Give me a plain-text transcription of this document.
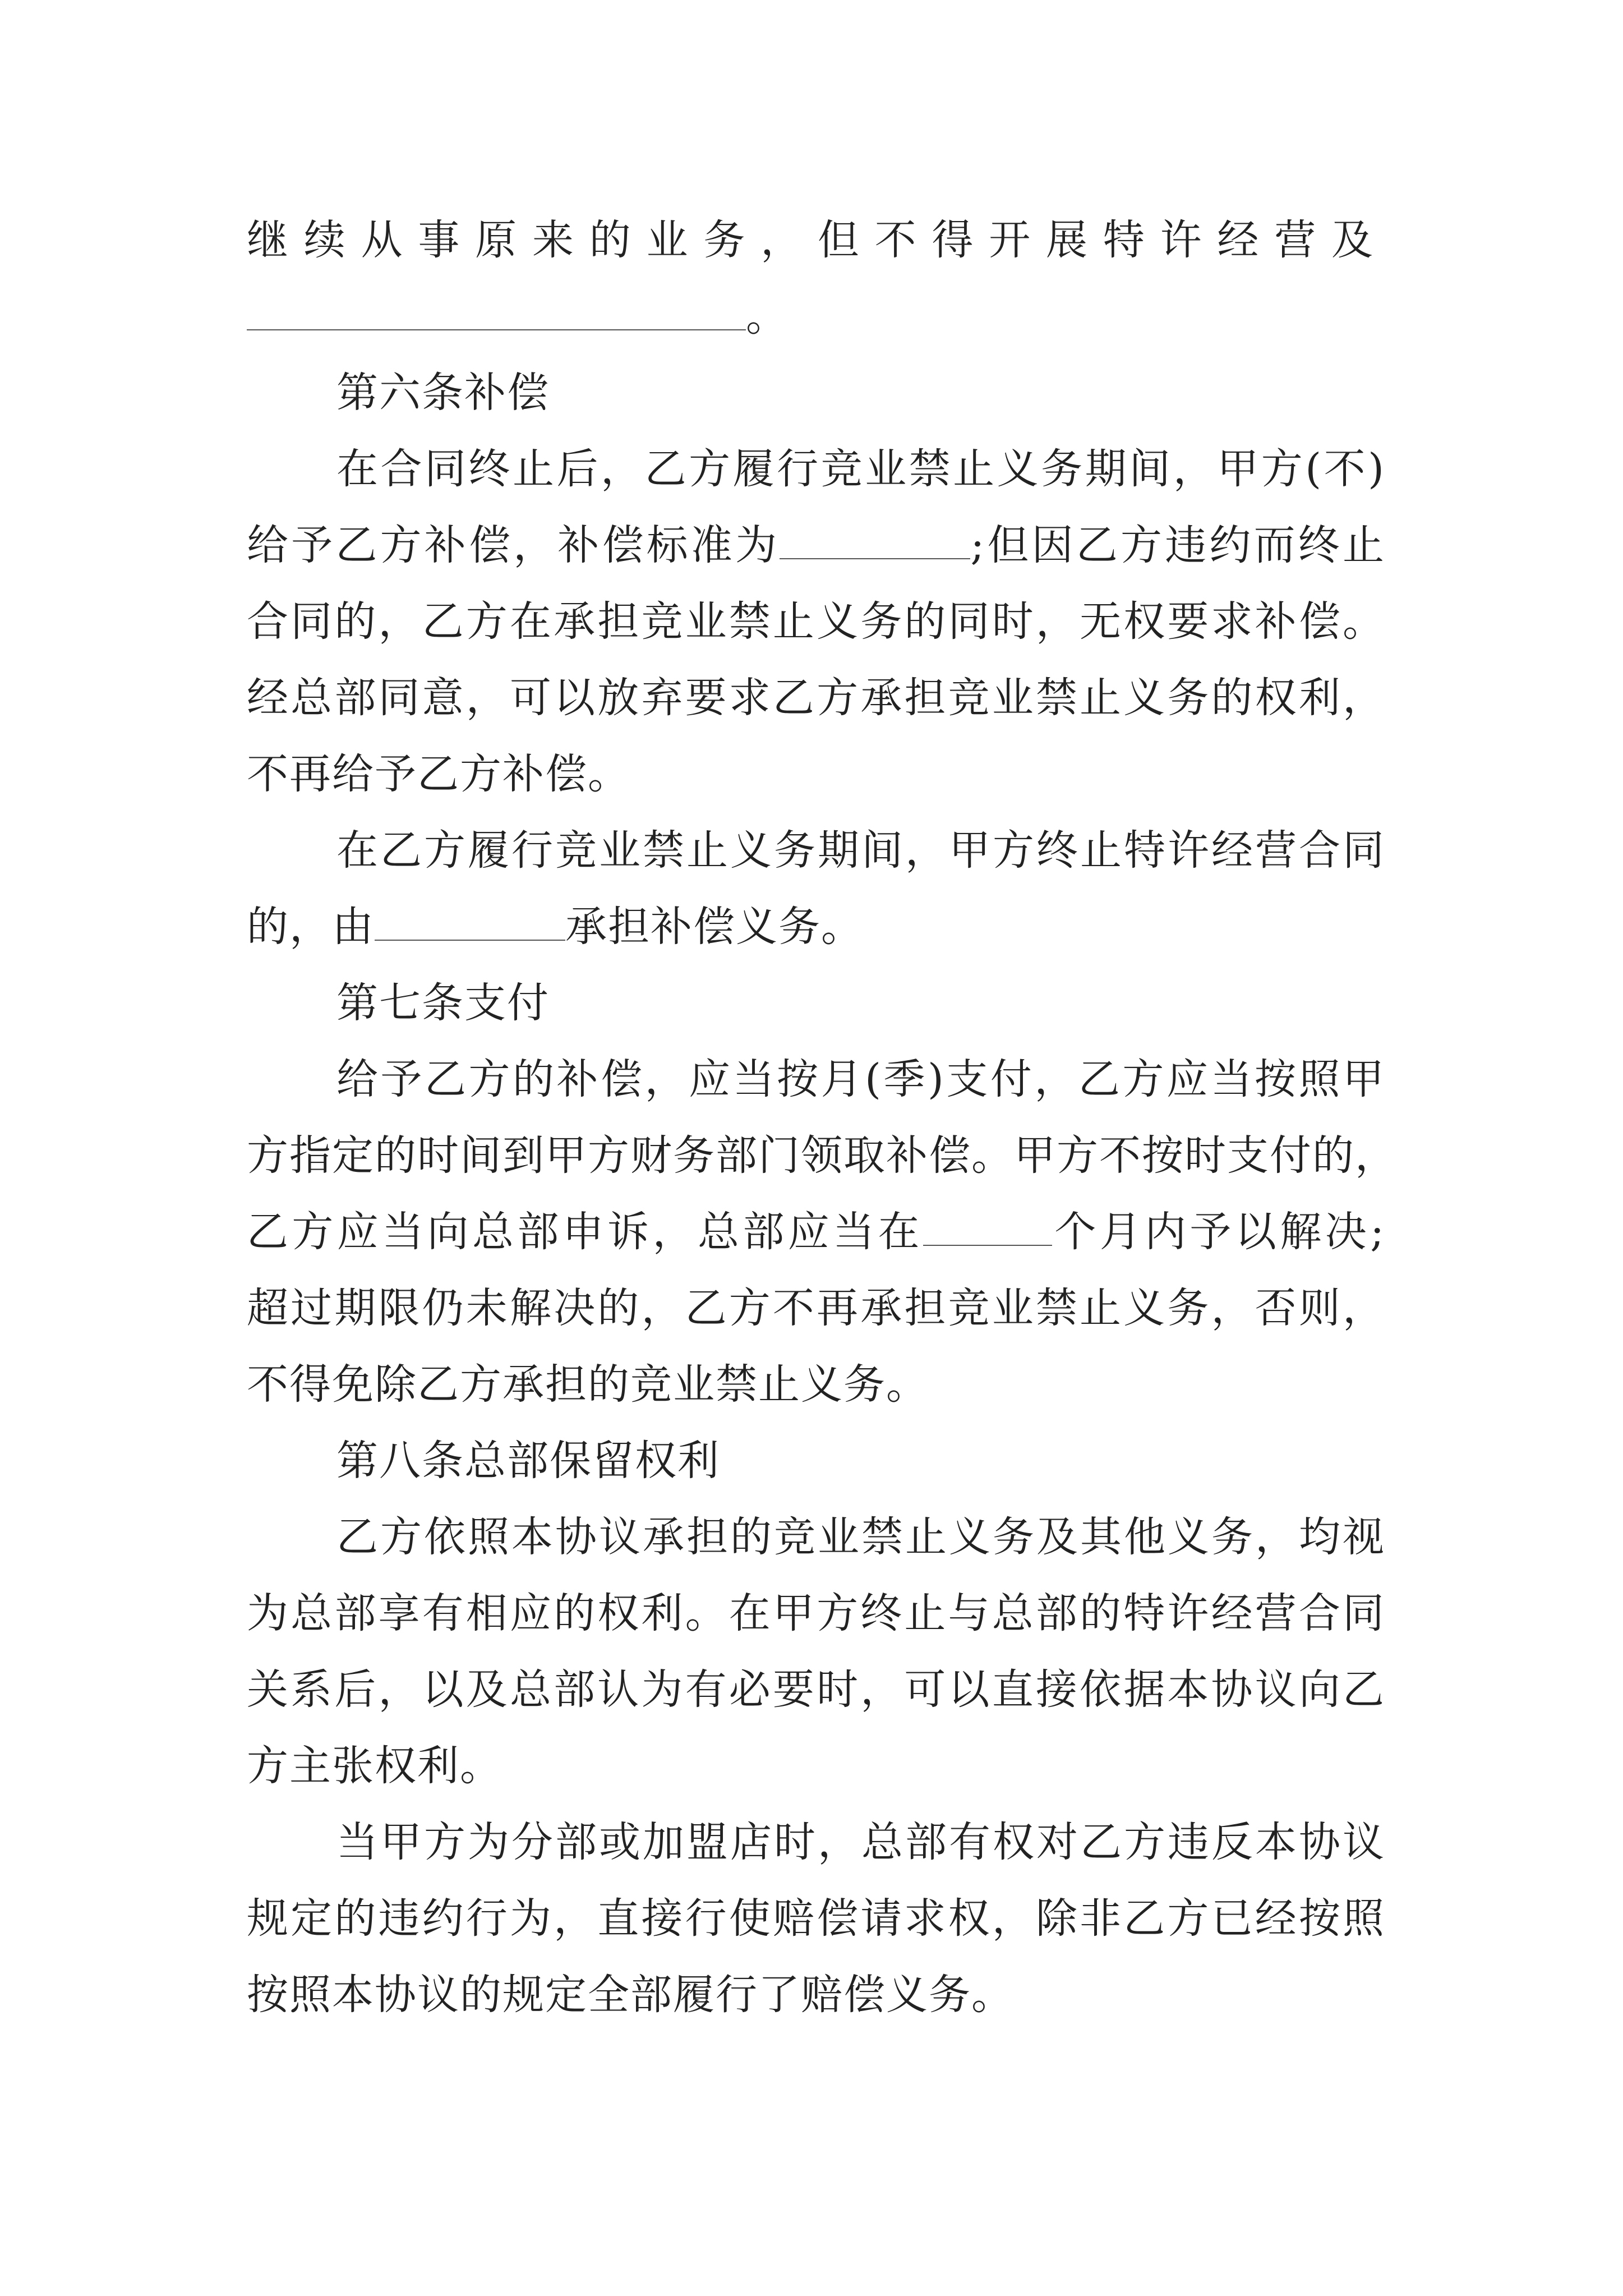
继续从事原来的业务，但不得开展特许经营及
。
第六条补偿
在合同终止后，乙方履行竞业禁止义务期间，甲方(不)
给予乙方补偿，补偿标准为	;但因乙方违约而终止
合同的，乙方在承担竞业禁止义务的同时，无权要求补偿。
经总部同意，可以放弃要求乙方承担竞业禁止义务的权利，
不再给予乙方补偿。
在乙方履行竞业禁止义务期间，甲方终止特许经营合同
的，由	承担补偿义务。
第七条支付
给予乙方的补偿，应当按月(季)支付，乙方应当按照甲
方指定的时间到甲方财务部门领取补偿。甲方不按时支付的，
乙方应当向总部申诉，总部应当在	个月内予以解决;
超过期限仍未解决的，乙方不再承担竞业禁止义务，否则，
不得免除乙方承担的竞业禁止义务。
第八条总部保留权利
乙方依照本协议承担的竞业禁止义务及其他义务，均视
为总部享有相应的权利。在甲方终止与总部的特许经营合同
关系后，以及总部认为有必要时，可以直接依据本协议向乙
方主张权利。
当甲方为分部或加盟店时，总部有权对乙方违反本协议
规定的违约行为，直接行使赔偿请求权，除非乙方已经按照
按照本协议的规定全部履行了赔偿义务。
